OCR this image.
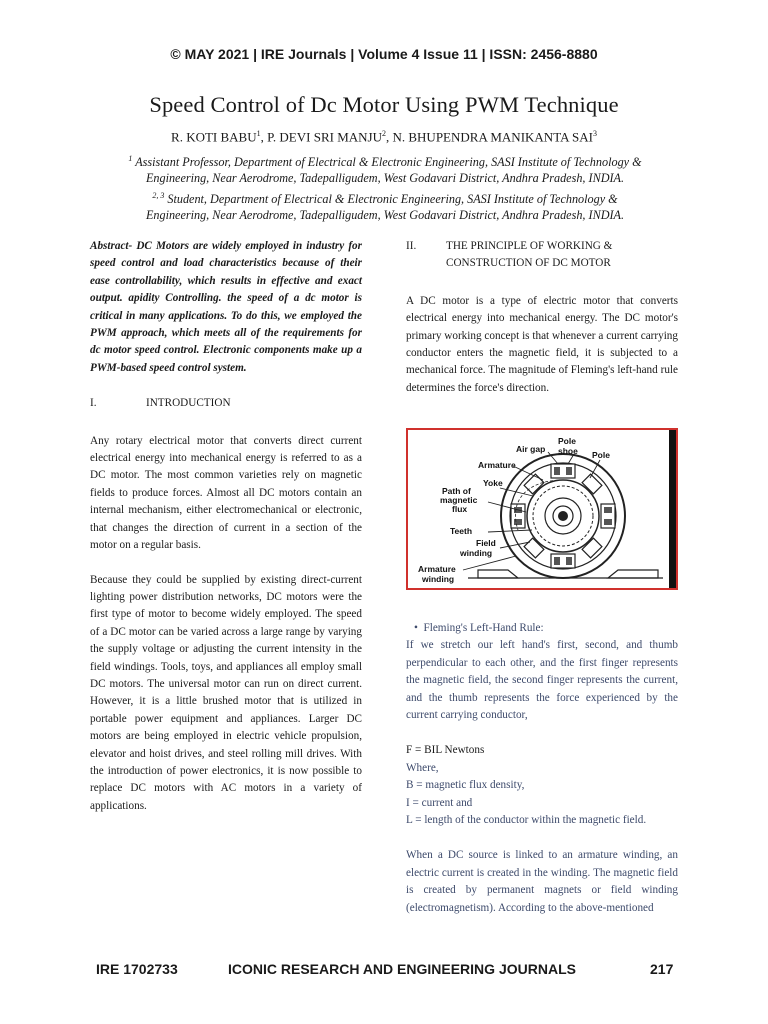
© MAY 2021 | IRE Journals | Volume 4 Issue 11 | ISSN: 2456-8880
Speed Control of Dc Motor Using PWM Technique
R. KOTI BABU$^1$, P. DEVI SRI MANJU$^2$, N. BHUPENDRA MANIKANTA SAI$^3$
$^1$ Assistant Professor, Department of Electrical & Electronic Engineering, SASI Institute of Technology &
Engineering, Near Aerodrome, Tadepalligudem, West Godavari District, Andhra Pradesh, INDIA.
$^{2, 3}$ Student, Department of Electrical & Electronic Engineering, SASI Institute of Technology &
Engineering, Near Aerodrome, Tadepalligudem, West Godavari District, Andhra Pradesh, INDIA.

Abstract- DC Motors are widely employed in industry for speed control and load characteristics because of their ease controllability, which results in effective and exact output. apidity Controlling. the speed of a dc motor is critical in many applications. To do this, we employed the PWM approach, which meets all of the requirements for dc motor speed control. Electronic components make up a PWM-based speed control system.

I.	INTRODUCTION

Any rotary electrical motor that converts direct current electrical energy into mechanical energy is referred to as a DC motor. The most common varieties rely on magnetic fields to produce forces. Almost all DC motors contain an internal mechanism, either electromechanical or electronic, that changes the direction of current in a section of the motor on a regular basis.

Because they could be supplied by existing direct-current lighting power distribution networks, DC motors were the first type of motor to become widely employed. The speed of a DC motor can be varied across a large range by varying the supply voltage or adjusting the current intensity in the field windings. Tools, toys, and appliances all employ small DC motors. The universal motor can run on direct current. However, it is a little brushed motor that is utilized in portable power equipment and appliances. Larger DC motors are being employed in electric vehicle propulsion, elevator and hoist drives, and steel rolling mill drives. With the introduction of power electronics, it is now possible to replace DC motors with AC motors in a variety of applications.

II.	THE PRINCIPLE OF WORKING &
CONSTRUCTION OF DC MOTOR

A DC motor is a type of electric motor that converts electrical energy into mechanical energy. The DC motor's primary working concept is that whenever a current carrying conductor enters the magnetic field, it is subjected to a mechanical force. The magnitude of Fleming's left-hand rule determines the force's direction.

Air gap
Pole
shoe Pole
Armature
Yoke
Path of
magnetic
flux
Teeth
Field
winding
Armature
winding

•  Fleming's Left-Hand Rule:

If we stretch our left hand's first, second, and thumb perpendicular to each other, and the first finger represents the magnetic field, the second finger represents the current, and the thumb represents the force experienced by the current carrying conductor,

F = BIL Newtons

Where,

B = magnetic flux density,

I = current and

L = length of the conductor within the magnetic field.

When a DC source is linked to an armature winding, an electric current is created in the winding. The magnetic field is created by permanent magnets or field winding (electromagnetism). According to the above-mentioned

IRE 1702733	ICONIC RESEARCH AND ENGINEERING JOURNALS	217
